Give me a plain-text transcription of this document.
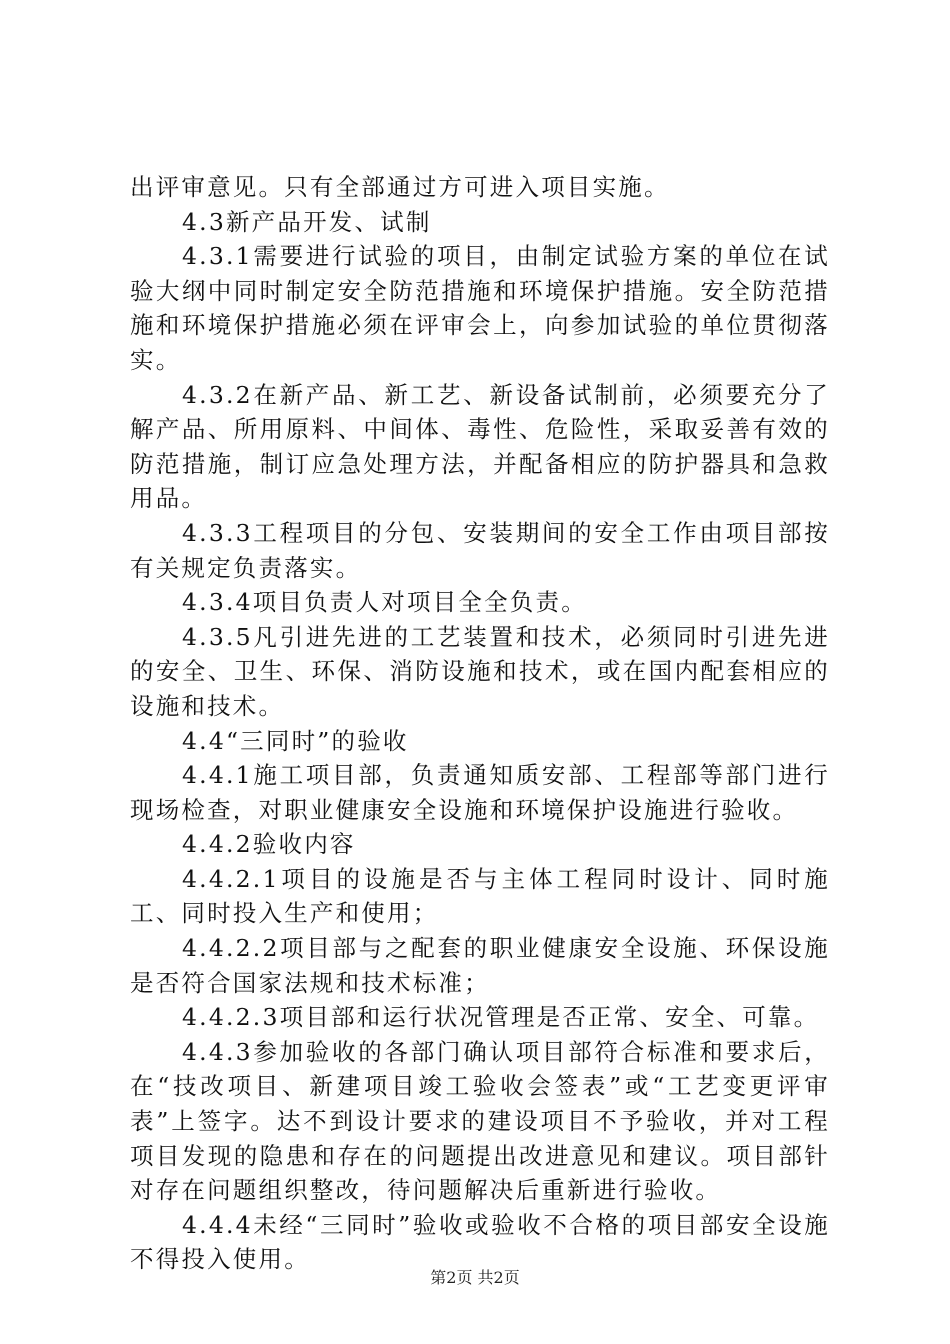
出评审意见。只有全部通过方可进入项目实施。

4.3新产品开发、试制

4.3.1需要进行试验的项目，由制定试验方案的单位在试验大纲中同时制定安全防范措施和环境保护措施。安全防范措施和环境保护措施必须在评审会上，向参加试验的单位贯彻落实。

4.3.2在新产品、新工艺、新设备试制前，必须要充分了解产品、所用原料、中间体、毒性、危险性，采取妥善有效的防范措施，制订应急处理方法，并配备相应的防护器具和急救用品。

4.3.3工程项目的分包、安装期间的安全工作由项目部按有关规定负责落实。

4.3.4项目负责人对项目全全负责。

4.3.5凡引进先进的工艺装置和技术，必须同时引进先进的安全、卫生、环保、消防设施和技术，或在国内配套相应的设施和技术。

4.4“三同时”的验收

4.4.1施工项目部，负责通知质安部、工程部等部门进行现场检查，对职业健康安全设施和环境保护设施进行验收。

4.4.2验收内容

4.4.2.1项目的设施是否与主体工程同时设计、同时施工、同时投入生产和使用；

4.4.2.2项目部与之配套的职业健康安全设施、环保设施是否符合国家法规和技术标准；

4.4.2.3项目部和运行状况管理是否正常、安全、可靠。

4.4.3参加验收的各部门确认项目部符合标准和要求后，在“技改项目、新建项目竣工验收会签表”或“工艺变更评审表”上签字。达不到设计要求的建设项目不予验收，并对工程项目发现的隐患和存在的问题提出改进意见和建议。项目部针对存在问题组织整改，待问题解决后重新进行验收。

4.4.4未经“三同时”验收或验收不合格的项目部安全设施不得投入使用。

第2页 共2页
